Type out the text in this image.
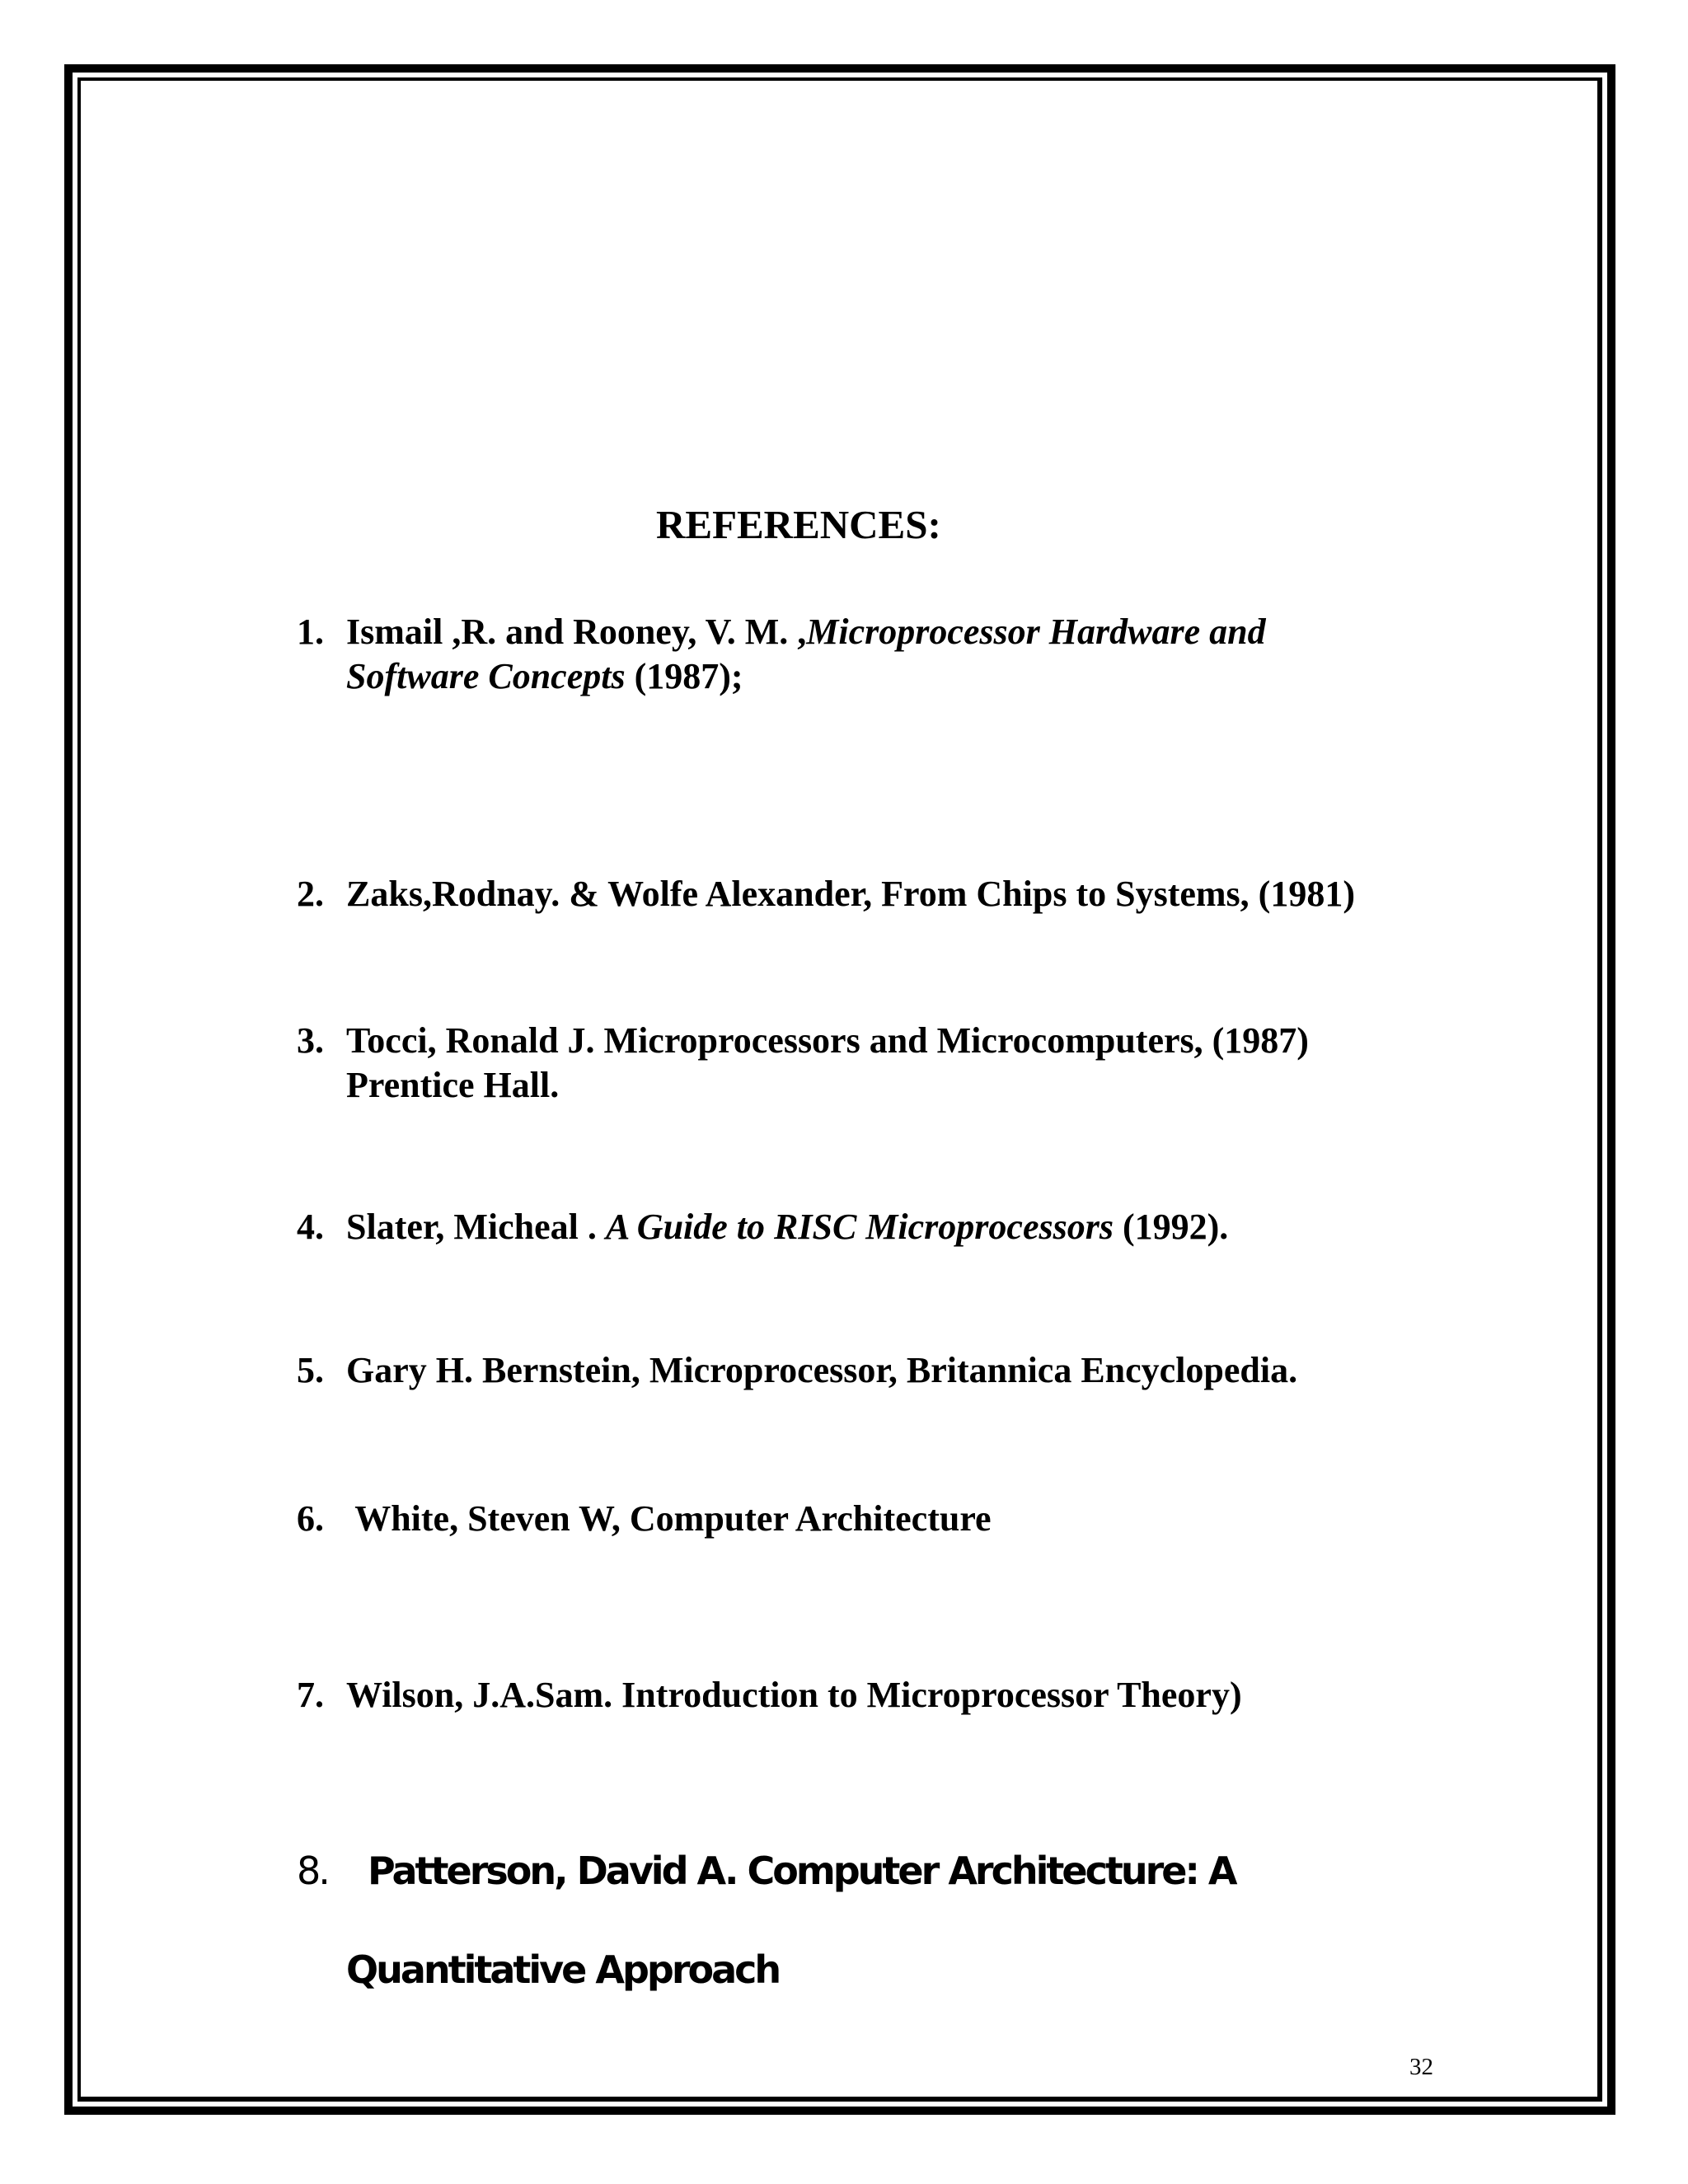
REFERENCES:
1. Ismail ,R. and Rooney, V. M. ,Microprocessor Hardware and
Software Concepts (1987);
2. Zaks,Rodnay. & Wolfe Alexander, From Chips to Systems, (1981)
3. Tocci, Ronald J. Microprocessors and Microcomputers, (1987)
Prentice Hall.
4. Slater, Micheal . A Guide to RISC Microprocessors (1992).
5. Gary H. Bernstein, Microprocessor, Britannica Encyclopedia.
6. White, Steven W, Computer Architecture
7. Wilson, J.A.Sam. Introduction to Microprocessor Theory)
8. Patterson, David A. Computer Architecture: A
Quantitative Approach
32
